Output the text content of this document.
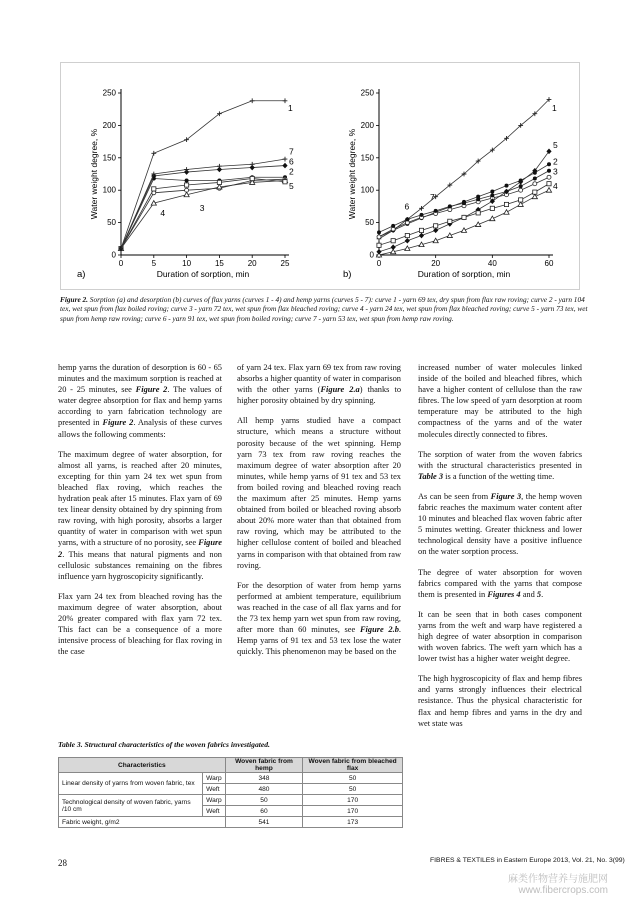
0
50
100
150
200
250
0	5	10	15	20	25
Duration of sorption, min
Water weight degree, %
a)
1
7
6
2
5
3
4
0
50
100
150
200
250
0	20	40	60
Duration of sorption, min
Water weight degree, %
b)
1
5
2
3
4
6
7
Figure 2. Sorption (a) and desorption (b) curves of flax yarns (curves 1 - 4) and hemp yarns (curves 5 - 7): curve 1 - yarn 69 tex, dry spun from flax raw roving; curve 2 - yarn 104 tex, wet spun from flax boiled roving; curve 3 - yarn 72 tex, wet spun from flax bleached roving; curve 4 - yarn 24 tex, wet spun from flax bleached roving; curve 5 - yarn 73 tex, wet spun from hemp raw roving; curve 6 - yarn 91 tex, wet spun from boiled roving; curve 7 - yarn 53 tex, wet spun from hemp raw roving.

hemp yarns the duration of desorption is 60 - 65 minutes and the maximum sorption is reached at 20 - 25 minutes, see Figure 2. The values of water degree absorption for flax and hemp yarns according to yarn fabrication technology are presented in Figure 2. Analysis of these curves allows the following comments:

The maximum degree of water absorption, for almost all yarns, is reached after 20 minutes, excepting for thin yarn 24 tex wet spun from bleached flax roving, which reaches the hydration peak after 15 minutes. Flax yarn of 69 tex linear density obtained by dry spinning from raw roving, with high porosity, absorbs a larger quantity of water in comparison with wet spun yarns, with a structure of no porosity, see Figure 2. This means that natural pigments and non cellulosic substances remaining on the fibres influence yarn hygroscopicity significantly.

Flax yarn 24 tex from bleached roving has the maximum degree of water absorption, about 20% greater compared with flax yarn 72 tex. This fact can be a consequence of a more intensive process of bleaching for flax roving in the case

of yarn 24 tex. Flax yarn 69 tex from raw roving absorbs a higher quantity of water in comparison with the other yarns (Figure 2.a) thanks to higher porosity obtained by dry spinning.

All hemp yarns studied have a compact structure, which means a structure without porosity because of the wet spinning. Hemp yarn 73 tex from raw roving reaches the maximum degree of water absorption after 20 minutes, while hemp yarns of 91 tex and 53 tex from boiled roving and bleached roving reach the maximum after 25 minutes. Hemp yarns obtained from boiled or bleached roving absorb about 20% more water than that obtained from raw roving, which may be attributed to the higher cellulose content of boiled and bleached yarns in comparison with that obtained from raw roving.

For the desorption of water from hemp yarns performed at ambient temperature, equilibrium was reached in the case of all flax yarns and for the 73 tex hemp yarn wet spun from raw roving, after more than 60 minutes, see Figure 2.b. Hemp yarns of 91 tex and 53 tex lose the water quickly. This phenomenon may be based on the

increased number of water molecules linked inside of the boiled and bleached fibres, which have a higher content of cellulose than the raw fibres. The low speed of yarn desorption at room temperature may be attributed to the high compactness of the yarns and of the water molecules directly connected to fibres.

The sorption of water from the woven fabrics with the structural characteristics presented in Table 3 is a function of the wetting time.

As can be seen from Figure 3, the hemp woven fabric reaches the maximum water content after 10 minutes and bleached flax woven fabric after 5 minutes wetting. Greater thickness and lower technological density have a positive influence on the water sorption process.

The degree of water absorption for woven fabrics compared with the yarns that compose them is presented in Figures 4 and 5.

It can be seen that in both cases component yarns from the weft and warp have registered a high degree of water absorption in comparison with woven fabrics. The weft yarn which has a lower twist has a higher water weight degree.

The high hygroscopicity of flax and hemp fibres and yarns strongly influences their electrical resistance. Thus the physical characteristic for flax and hemp fibres and yarns in the dry and wet state was

Table 3. Structural characteristics of the woven fabrics investigated.
Characteristics		Woven fabric from hemp	Woven fabric from bleached flax
Linear density of yarns from woven fabric, tex	Warp	348	50
	Weft	480	50
Technological density of woven fabric, yarns /10 cm	Warp	50	170
	Weft	60	170
Fabric weight, g/m2		541	173
28	FIBRES & TEXTILES in Eastern Europe 2013, Vol. 21, No. 3(99)
麻类作物营养与施肥网
www.fibercrops.com
